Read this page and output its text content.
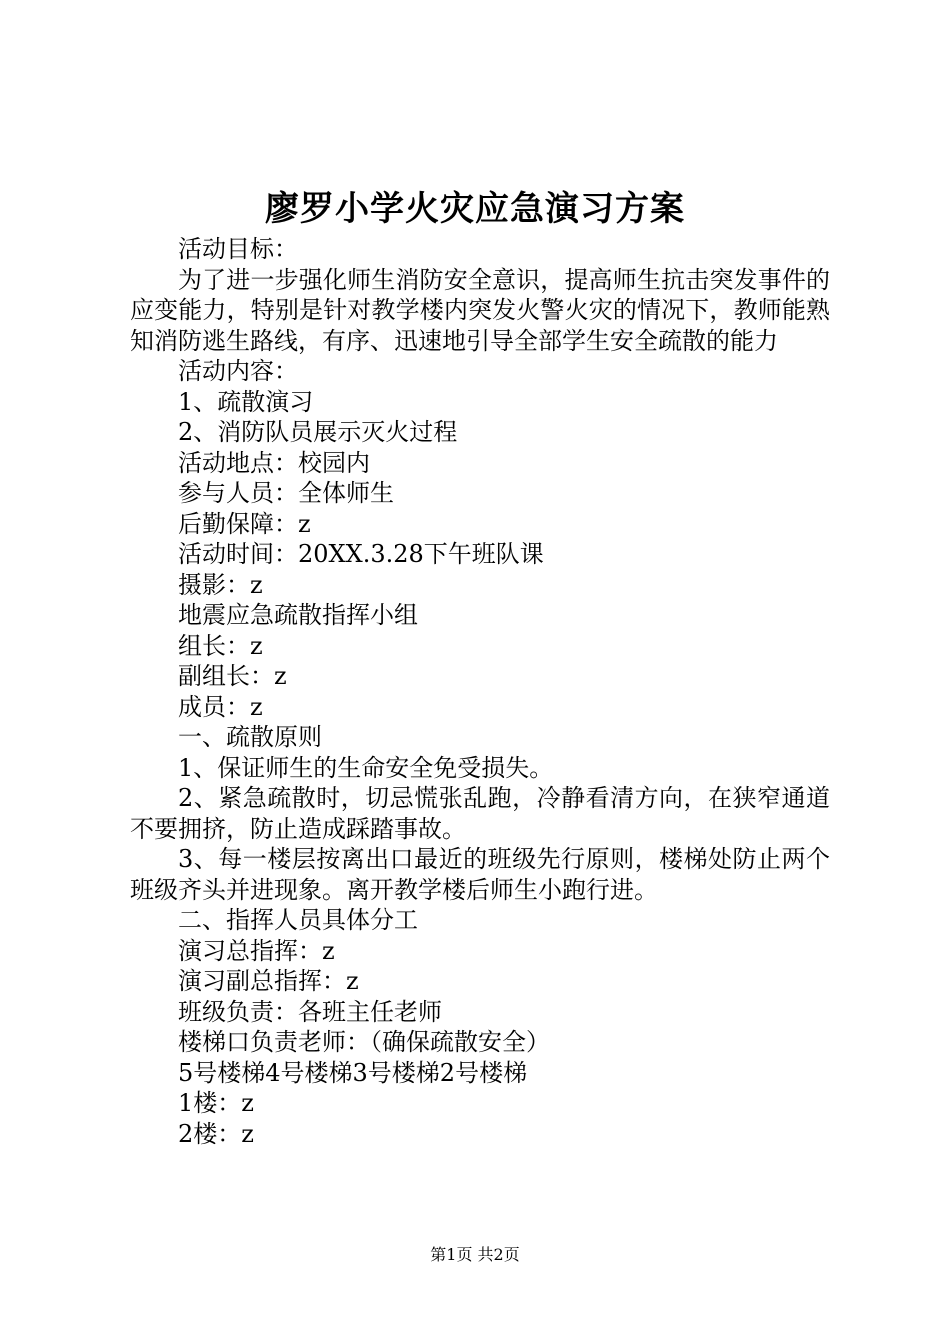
廖罗小学火灾应急演习方案

活动目标：

为了进一步强化师生消防安全意识，提高师生抗击突发事件的应变能力，特别是针对教学楼内突发火警火灾的情况下，教师能熟知消防逃生路线，有序、迅速地引导全部学生安全疏散的能力

活动内容：

1、疏散演习

2、消防队员展示灭火过程

活动地点：校园内

参与人员：全体师生

后勤保障：z

活动时间：20XX.3.28下午班队课

摄影：z

地震应急疏散指挥小组

组长：z

副组长：z

成员：z

一、疏散原则

1、保证师生的生命安全免受损失。

2、紧急疏散时，切忌慌张乱跑，冷静看清方向，在狭窄通道不要拥挤，防止造成踩踏事故。

3、每一楼层按离出口最近的班级先行原则，楼梯处防止两个班级齐头并进现象。离开教学楼后师生小跑行进。

二、指挥人员具体分工

演习总指挥：z

演习副总指挥：z

班级负责：各班主任老师

楼梯口负责老师：（确保疏散安全）

5号楼梯4号楼梯3号楼梯2号楼梯

1楼：z

2楼：z

第1页 共2页
